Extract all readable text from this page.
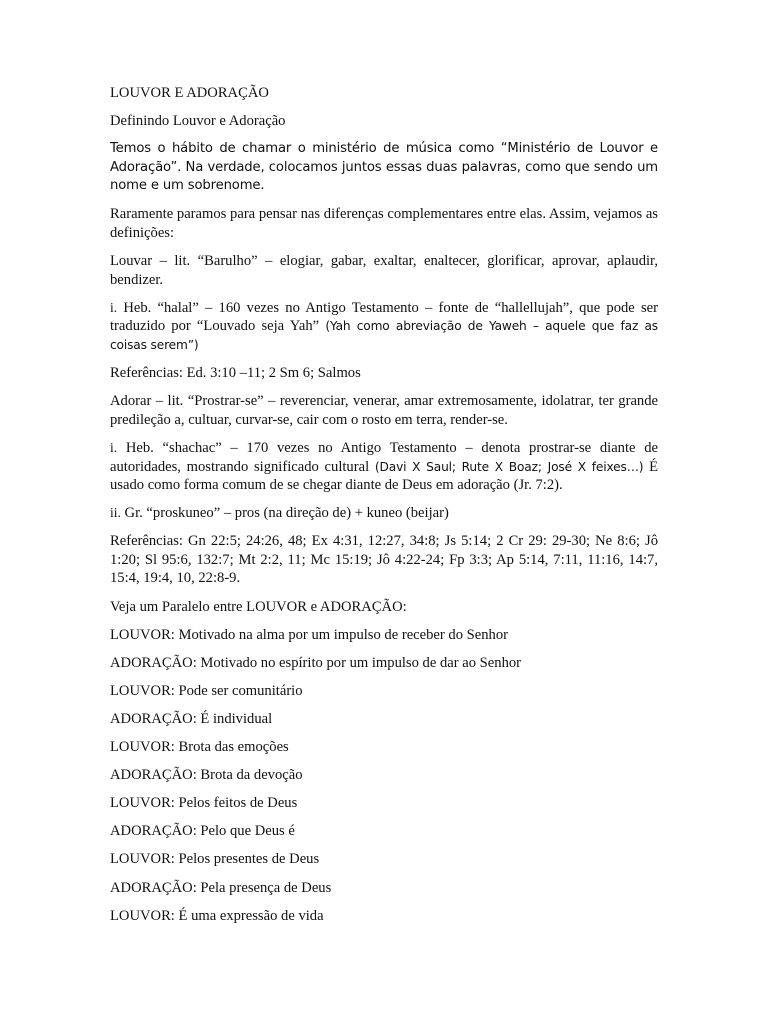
LOUVOR E ADORAÇÃO

Definindo Louvor e Adoração

Temos o hábito de chamar o ministério de música como “Ministério de Louvor e Adoração”. Na verdade, colocamos juntos essas duas palavras, como que sendo um nome e um sobrenome.

Raramente paramos para pensar nas diferenças complementares entre elas. Assim, vejamos as definições:

Louvar – lit. “Barulho” – elogiar, gabar, exaltar, enaltecer, glorificar, aprovar, aplaudir, bendizer.

i. Heb. “halal” – 160 vezes no Antigo Testamento – fonte de “hallellujah”, que pode ser traduzido por “Louvado seja Yah” (Yah como abreviação de Yaweh – aquele que faz as coisas serem”)

Referências: Ed. 3:10 –11; 2 Sm 6; Salmos

Adorar – lit. “Prostrar-se” – reverenciar, venerar, amar extremosamente, idolatrar, ter grande predileção a, cultuar, curvar-se, cair com o rosto em terra, render-se.

i. Heb. “shachac” – 170 vezes no Antigo Testamento – denota prostrar-se diante de autoridades, mostrando significado cultural (Davi X Saul; Rute X Boaz; José X feixes…) É usado como forma comum de se chegar diante de Deus em adoração (Jr. 7:2).

ii. Gr. “proskuneo” – pros (na direção de) + kuneo (beijar)

Referências: Gn 22:5; 24:26, 48; Ex 4:31, 12:27, 34:8; Js 5:14; 2 Cr 29: 29-30; Ne 8:6; Jô 1:20; Sl 95:6, 132:7; Mt 2:2, 11; Mc 15:19; Jô 4:22-24; Fp 3:3; Ap 5:14, 7:11, 11:16, 14:7, 15:4, 19:4, 10, 22:8-9.

Veja um Paralelo entre LOUVOR e ADORAÇÃO:

LOUVOR: Motivado na alma por um impulso de receber do Senhor

ADORAÇÃO: Motivado no espírito por um impulso de dar ao Senhor

LOUVOR: Pode ser comunitário

ADORAÇÃO: É individual

LOUVOR: Brota das emoções

ADORAÇÃO: Brota da devoção

LOUVOR: Pelos feitos de Deus

ADORAÇÃO: Pelo que Deus é

LOUVOR: Pelos presentes de Deus

ADORAÇÃO: Pela presença de Deus

LOUVOR: É uma expressão de vida
